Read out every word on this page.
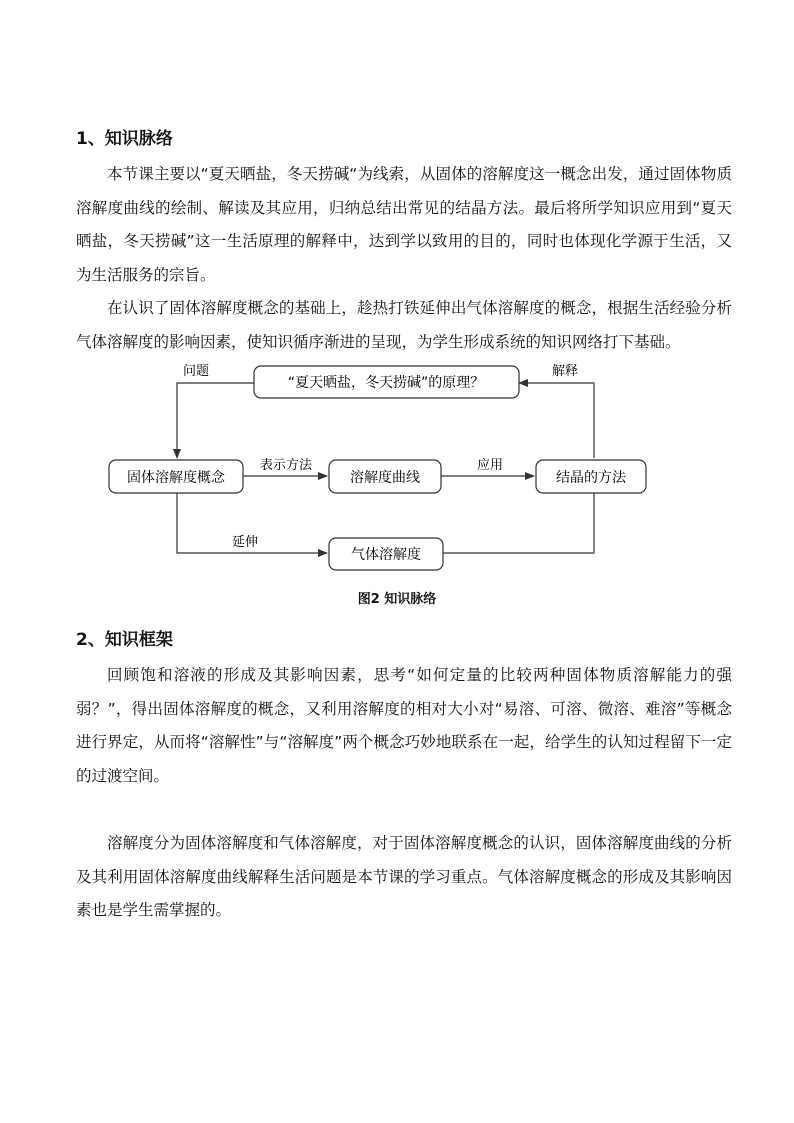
1、知识脉络

本节课主要以“夏天晒盐，冬天捞碱“为线索，从固体的溶解度这一概念出发，通过固体物质溶解度曲线的绘制、解读及其应用，归纳总结出常见的结晶方法。最后将所学知识应用到“夏天晒盐，冬天捞碱”这一生活原理的解释中，达到学以致用的目的，同时也体现化学源于生活，又为生活服务的宗旨。

在认识了固体溶解度概念的基础上，趁热打铁延伸出气体溶解度的概念，根据生活经验分析气体溶解度的影响因素，使知识循序渐进的呈现，为学生形成系统的知识网络打下基础。

“夏天晒盐，冬天捞碱”的原理？
固体溶解度概念	溶解度曲线	结晶的方法
气体溶解度
问题	解释
表示方法	应用
延伸

图2 知识脉络

2、知识框架

回顾饱和溶液的形成及其影响因素，思考“如何定量的比较两种固体物质溶解能力的强弱？”，得出固体溶解度的概念，又利用溶解度的相对大小对“易溶、可溶、微溶、难溶”等概念进行界定，从而将“溶解性”与“溶解度”两个概念巧妙地联系在一起，给学生的认知过程留下一定的过渡空间。

溶解度分为固体溶解度和气体溶解度，对于固体溶解度概念的认识，固体溶解度曲线的分析及其利用固体溶解度曲线解释生活问题是本节课的学习重点。气体溶解度概念的形成及其影响因素也是学生需掌握的。
